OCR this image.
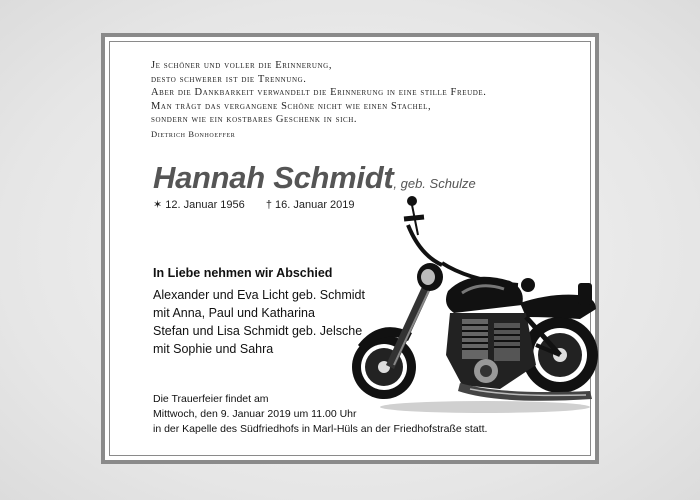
Je schöner und voller die Erinnerung,
desto schwerer ist die Trennung.
Aber die Dankbarkeit verwandelt die Erinnerung in eine stille Freude.
Man trägt das vergangene Schöne nicht wie einen Stachel,
sondern wie ein kostbares Geschenk in sich.
Dietrich Bonhoeffer
Hannah Schmidt, geb. Schulze
✶ 12. Januar 1956 † 16. Januar 2019
In Liebe nehmen wir Abschied
Alexander und Eva Licht geb. Schmidt
mit Anna, Paul und Katharina
Stefan und Lisa Schmidt geb. Jelsche
mit Sophie und Sahra
Die Trauerfeier findet am
Mittwoch, den 9. Januar 2019 um 11.00 Uhr
in der Kapelle des Südfriedhofs in Marl-Hüls an der Friedhofstraße statt.
